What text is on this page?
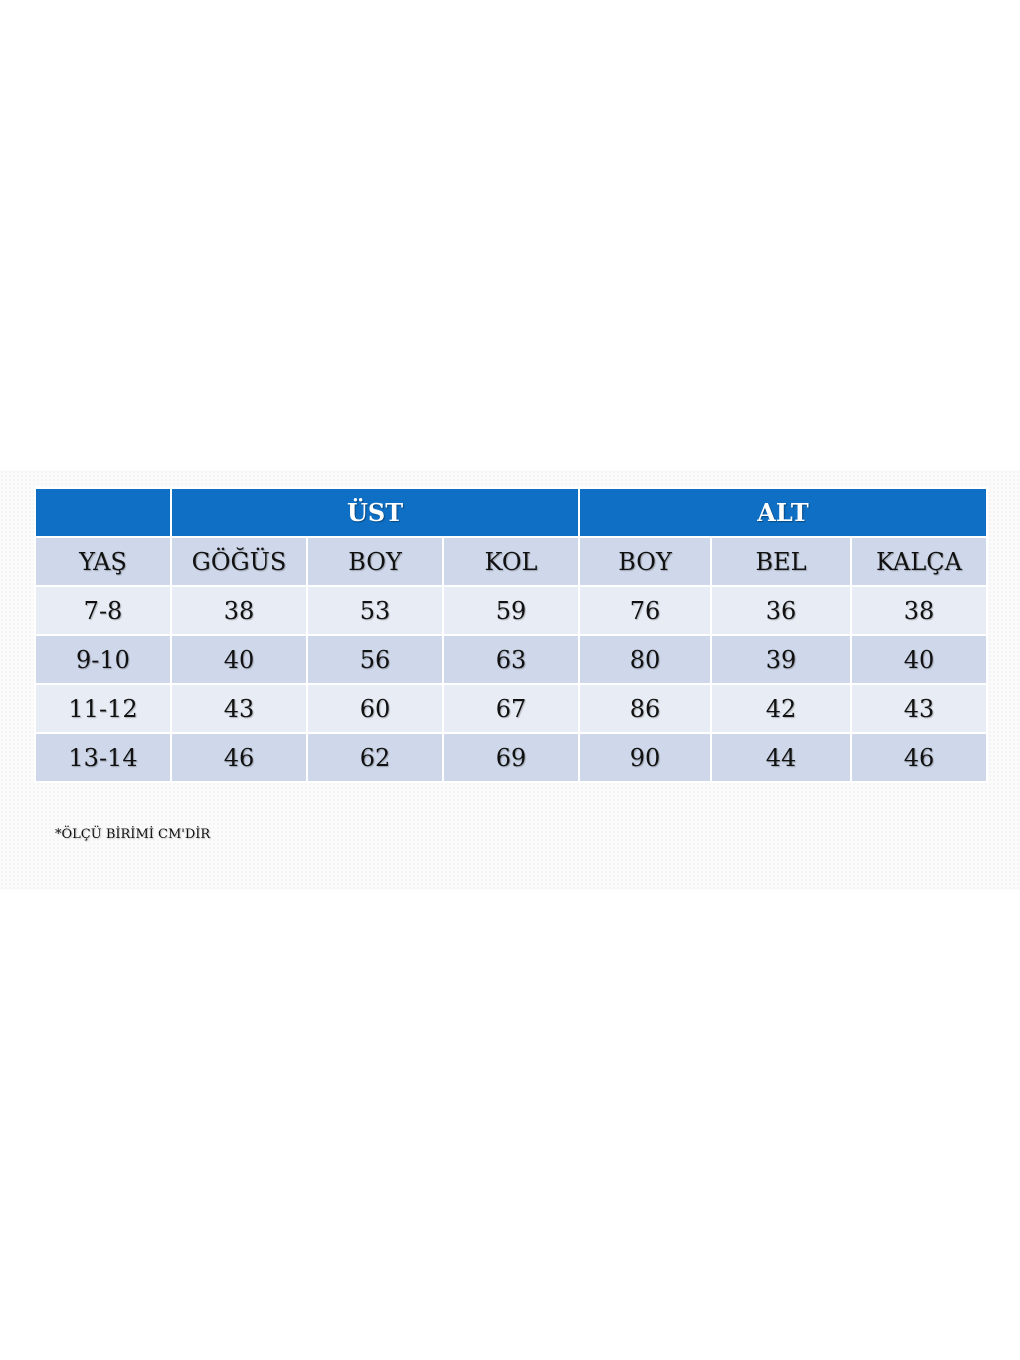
	ÜST			ALT		
YAŞ	GÖĞÜS	BOY	KOL	BOY	BEL	KALÇA
7-8	38	53	59	76	36	38
9-10	40	56	63	80	39	40
11-12	43	60	67	86	42	43
13-14	46	62	69	90	44	46
*ÖLÇÜ BİRİMİ CM'DİR
